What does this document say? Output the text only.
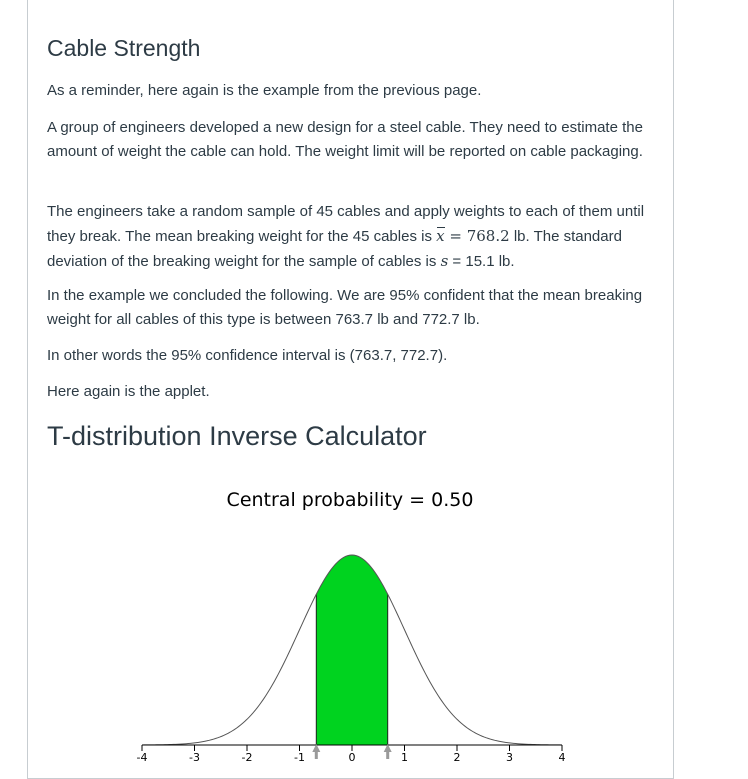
Cable Strength

As a reminder, here again is the example from the previous page.

A group of engineers developed a new design for a steel cable. They need to estimate the amount of weight the cable can hold. The weight limit will be reported on cable packaging.

The engineers take a random sample of 45 cables and apply weights to each of them until they break. The mean breaking weight for the 45 cables is x = 768.2 lb. The standard deviation of the breaking weight for the sample of cables is s = 15.1 lb.

In the example we concluded the following. We are 95% confident that the mean breaking weight for all cables of this type is between 763.7 lb and 772.7 lb.

In other words the 95% confidence interval is (763.7, 772.7).

Here again is the applet.

T-distribution Inverse Calculator
Central probability = 0.50
-4	-3	-2	-1	0	1	2	3	4
